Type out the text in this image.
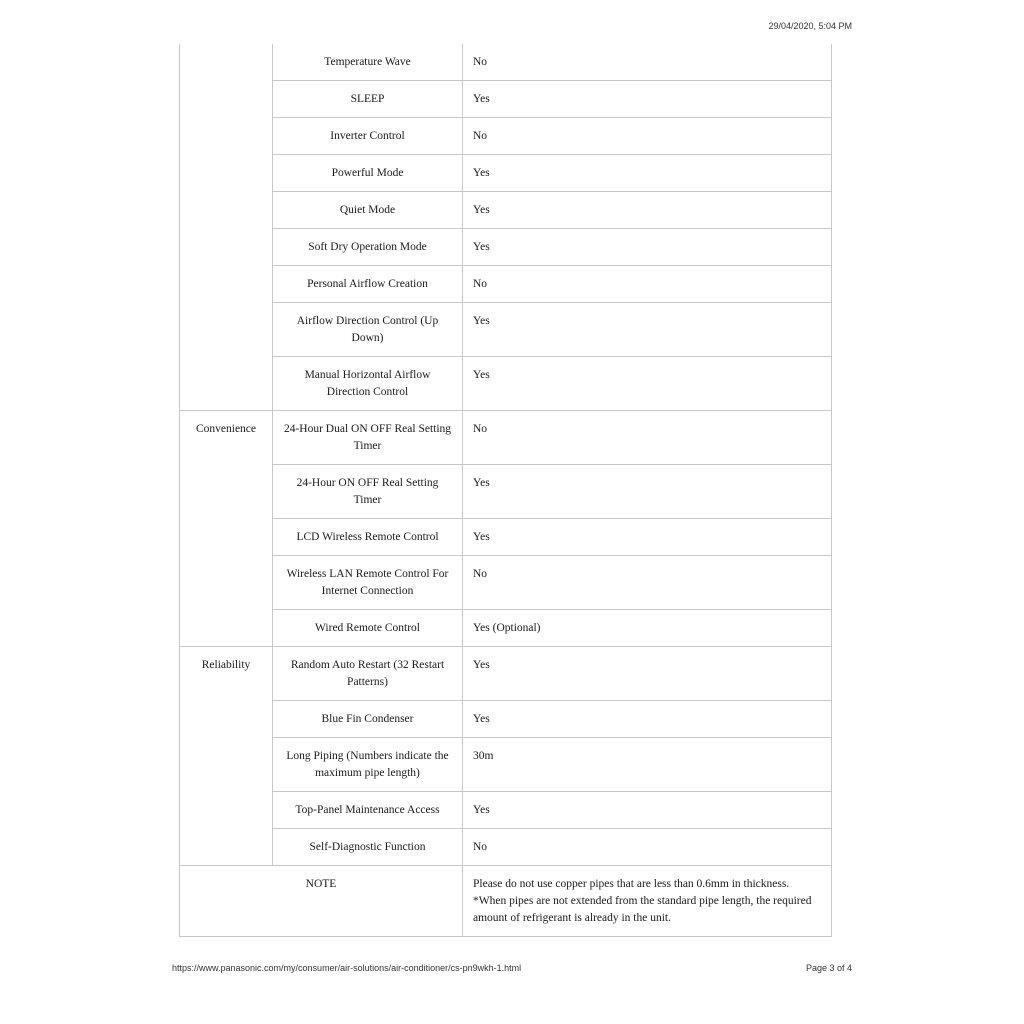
29/04/2020, 5:04 PM
	Temperature Wave	No
	SLEEP	Yes
	Inverter Control	No
	Powerful Mode	Yes
	Quiet Mode	Yes
	Soft Dry Operation Mode	Yes
	Personal Airflow Creation	No
	Airflow Direction Control (Up Down)	Yes
	Manual Horizontal Airflow Direction Control	Yes
Convenience	24-Hour Dual ON OFF Real Setting Timer	No
	24-Hour ON OFF Real Setting Timer	Yes
	LCD Wireless Remote Control	Yes
	Wireless LAN Remote Control For Internet Connection	No
	Wired Remote Control	Yes (Optional)
Reliability	Random Auto Restart (32 Restart Patterns)	Yes
	Blue Fin Condenser	Yes
	Long Piping (Numbers indicate the maximum pipe length)	30m
	Top-Panel Maintenance Access	Yes
	Self-Diagnostic Function	No
NOTE		Please do not use copper pipes that are less than 0.6mm in thickness.
*When pipes are not extended from the standard pipe length, the required amount of refrigerant is already in the unit.
https://www.panasonic.com/my/consumer/air-solutions/air-conditioner/cs-pn9wkh-1.html	Page 3 of 4
